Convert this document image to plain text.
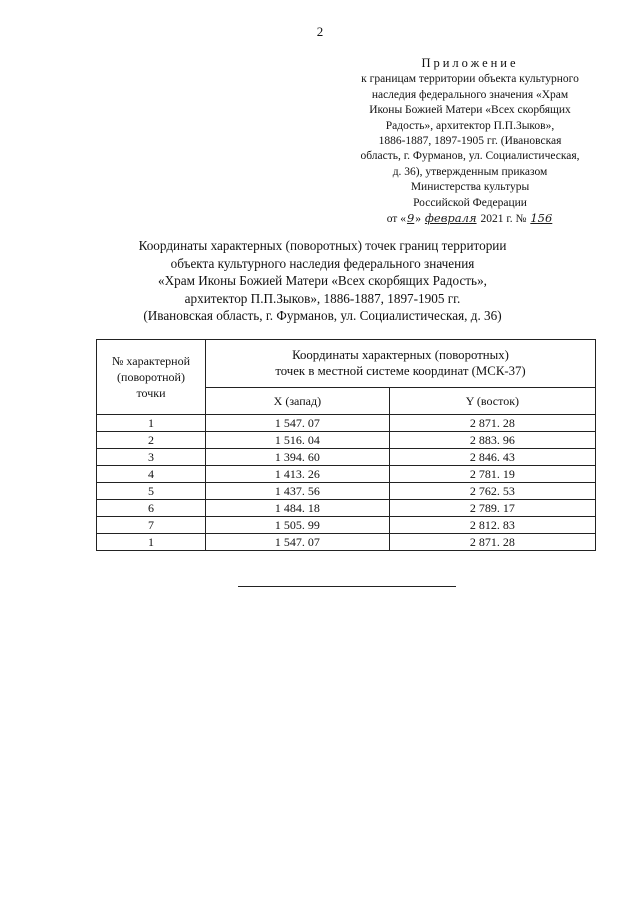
2
Приложение
к границам территории объекта культурного
наследия федерального значения «Храм
Иконы Божией Матери «Всех скорбящих
Радость», архитектор П.П.Зыков»,
1886-1887, 1897-1905 гг. (Ивановская
область, г. Фурманов, ул. Социалистическая,
д. 36), утвержденным приказом
Министерства культуры
Российской Федерации
от «9» февраля 2021 г. № 156
Координаты характерных (поворотных) точек границ территории
объекта культурного наследия федерального значения
«Храм Иконы Божией Матери «Всех скорбящих Радость»,
архитектор П.П.Зыков», 1886-1887, 1897-1905 гг.
(Ивановская область, г. Фурманов, ул. Социалистическая, д. 36)
№ характерной
(поворотной)
точки	Координаты характерных (поворотных)
точек в местной системе координат (МСК-37)	

	X (запад)	Y (восток)
1	1 547. 07	2 871. 28
2	1 516. 04	2 883. 96
3	1 394. 60	2 846. 43
4	1 413. 26	2 781. 19
5	1 437. 56	2 762. 53
6	1 484. 18	2 789. 17
7	1 505. 99	2 812. 83
1	1 547. 07	2 871. 28
